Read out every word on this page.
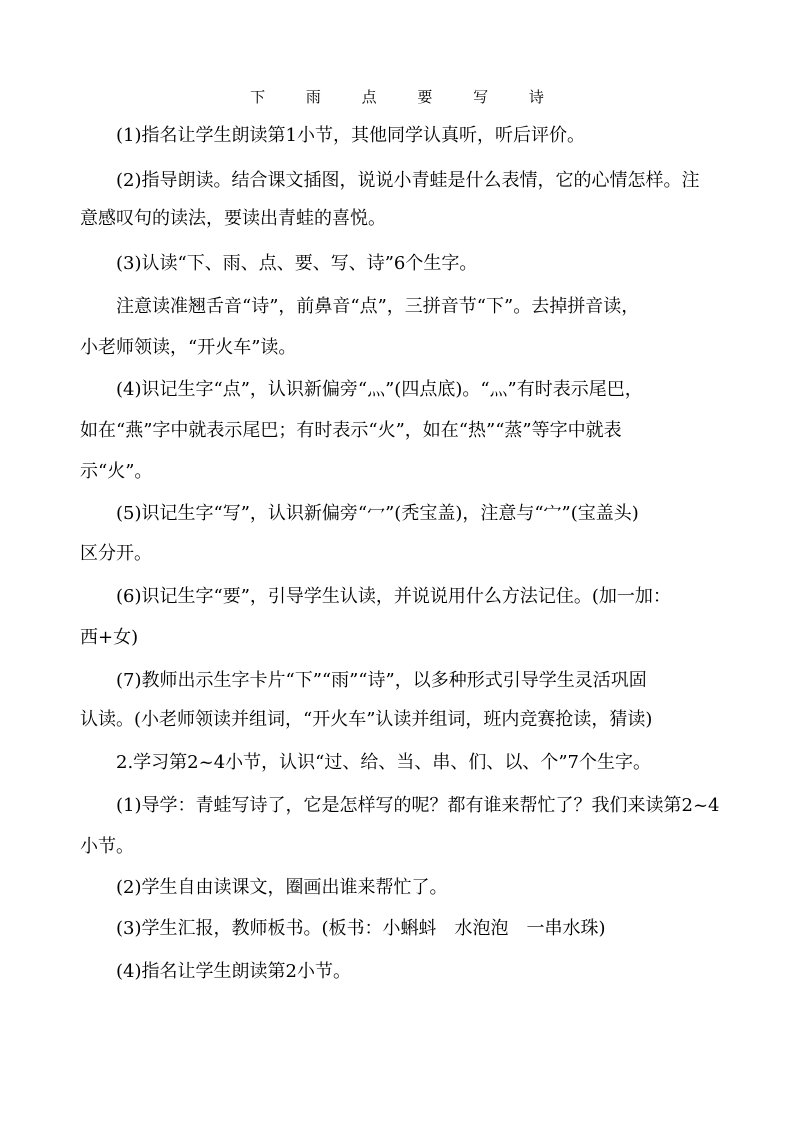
下 雨 点 要 写 诗
(1)指名让学生朗读第1小节，其他同学认真听，听后评价。
(2)指导朗读。结合课文插图，说说小青蛙是什么表情，它的心情怎样。注
意感叹句的读法，要读出青蛙的喜悦。
(3)认读“下、雨、点、要、写、诗”6个生字。
注意读准翘舌音“诗”，前鼻音“点”，三拼音节“下”。去掉拼音读，
小老师领读，“开火车”读。
(4)识记生字“点”，认识新偏旁“灬”(四点底)。“灬”有时表示尾巴，
如在“燕”字中就表示尾巴；有时表示“火”，如在“热”“蒸”等字中就表
示“火”。
(5)识记生字“写”，认识新偏旁“冖”(秃宝盖)，注意与“宀”(宝盖头)
区分开。
(6)识记生字“要”，引导学生认读，并说说用什么方法记住。(加一加：
西+女)
(7)教师出示生字卡片“下”“雨”“诗”，以多种形式引导学生灵活巩固
认读。(小老师领读并组词，“开火车”认读并组词，班内竞赛抢读，猜读)
2.学习第2~4小节，认识“过、给、当、串、们、以、个”7个生字。
(1)导学：青蛙写诗了，它是怎样写的呢？都有谁来帮忙了？我们来读第2~4
小节。
(2)学生自由读课文，圈画出谁来帮忙了。
(3)学生汇报，教师板书。(板书：小蝌蚪　水泡泡　一串水珠)
(4)指名让学生朗读第2小节。
